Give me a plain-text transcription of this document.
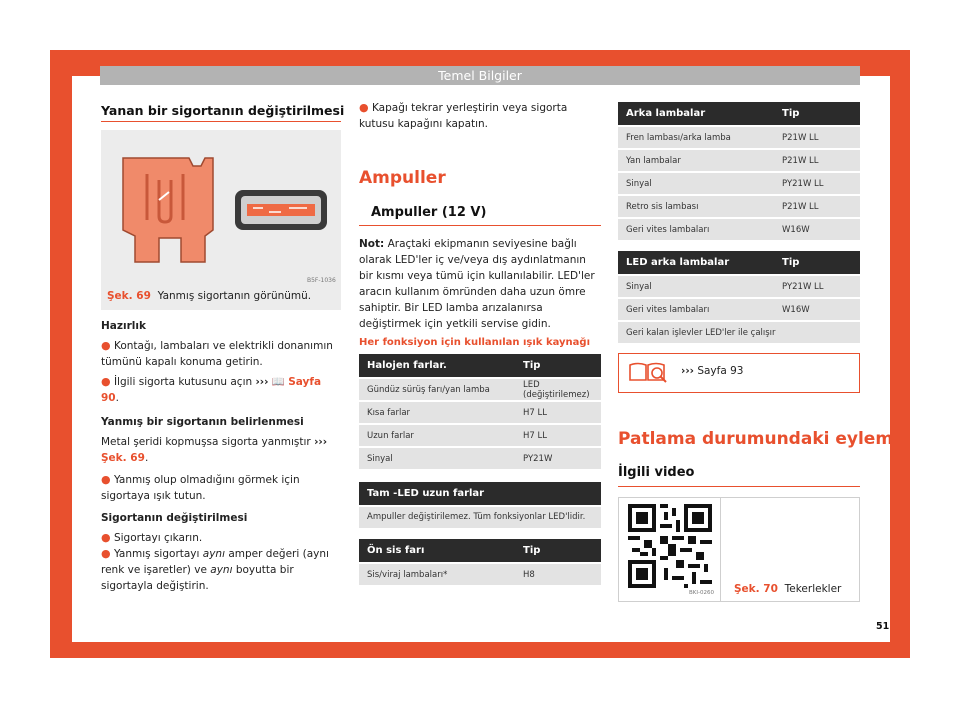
Temel Bilgiler
Yanan bir sigortanın değiştirilmesi
B5F-1036
Şek. 69 Yanmış sigortanın görünümü.

Hazırlık

● Kontağı, lambaları ve elektrikli donanımın tümünü kapalı konuma getirin.

● İlgili sigorta kutusunu açın ››› 📖 Sayfa 90.

Yanmış bir sigortanın belirlenmesi

Metal şeridi kopmuşsa sigorta yanmıştır ››› Şek. 69.

● Yanmış olup olmadığını görmek için sigortaya ışık tutun.

Sigortanın değiştirilmesi

● Sigortayı çıkarın.

● Yanmış sigortayı aynı amper değeri (aynı renk ve işaretler) ve aynı boyutta bir sigortayla değiştirin.

● Kapağı tekrar yerleştirin veya sigorta kutusu kapağını kapatın.

Ampuller
Ampuller (12 V)

Not: Araçtaki ekipmanın seviyesine bağlı olarak LED'ler iç ve/veya dış aydınlatmanın bir kısmı veya tümü için kullanılabilir. LED'ler aracın kullanım ömründen daha uzun ömre sahiptir. Bir LED lamba arızalanırsa değiştirmek için yetkili servise gidin.

Her fonksiyon için kullanılan ışık kaynağı
Halojen farlar.	Tip
Gündüz sürüş farı/yan lamba	LED (değiştirilemez)
Kısa farlar	H7 LL
Uzun farlar	H7 LL
Sinyal	PY21W
Tam -LED uzun farlar
Ampuller değiştirilemez. Tüm fonksiyonlar LED'lidir.
Ön sis farı	Tip
Sis/viraj lambaları*	H8
Arka lambalar	Tip
Fren lambası/arka lamba	P21W LL
Yan lambalar	P21W LL
Sinyal	PY21W LL
Retro sis lambası	P21W LL
Geri vites lambaları	W16W
LED arka lambalar	Tip
Sinyal	PY21W LL
Geri vites lambaları	W16W
Geri kalan işlevler LED'ler ile çalışır	
››› Sayfa 93
Patlama durumundaki eylem
İlgili video
BKI-0260 Şek. 70 Tekerlekler
51
